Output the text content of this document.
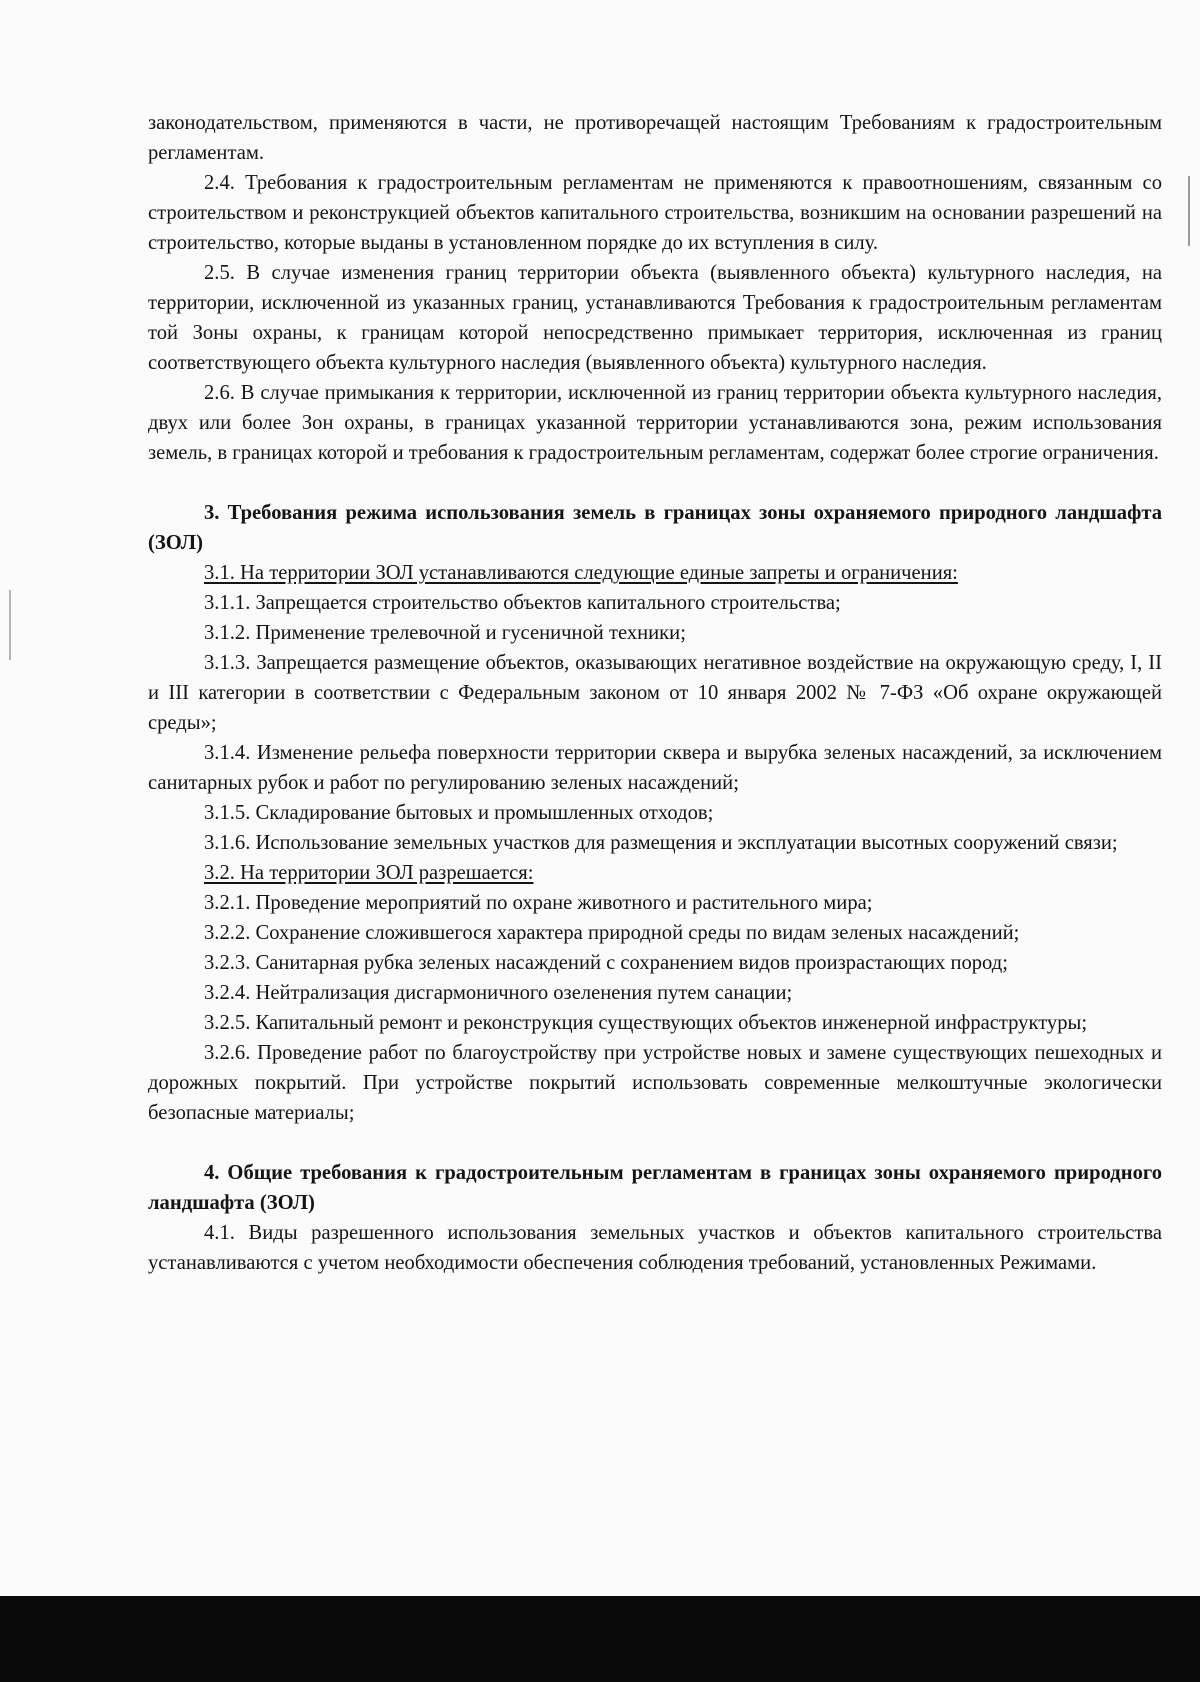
законодательством, применяются в части, не противоречащей настоящим Требованиям к градостроительным регламентам.

2.4. Требования к градостроительным регламентам не применяются к правоотношениям, связанным со строительством и реконструкцией объектов капитального строительства, возникшим на основании разрешений на строительство, которые выданы в установленном порядке до их вступления в силу.

2.5. В случае изменения границ территории объекта (выявленного объекта) культурного наследия, на территории, исключенной из указанных границ, устанавливаются Требования к градостроительным регламентам той Зоны охраны, к границам которой непосредственно примыкает территория, исключенная из границ соответствующего объекта культурного наследия (выявленного объекта) культурного наследия.

2.6. В случае примыкания к территории, исключенной из границ территории объекта культурного наследия, двух или более Зон охраны, в границах указанной территории устанавливаются зона, режим использования земель, в границах которой и требования к градостроительным регламентам, содержат более строгие ограничения.

3. Требования режима использования земель в границах зоны охраняемого природного ландшафта (ЗОЛ)

3.1. На территории ЗОЛ устанавливаются следующие единые запреты и ограничения:

3.1.1. Запрещается строительство объектов капитального строительства;

3.1.2. Применение трелевочной и гусеничной техники;

3.1.3. Запрещается размещение объектов, оказывающих негативное воздействие на окружающую среду, I, II и III категории в соответствии с Федеральным законом от 10 января 2002 № 7-ФЗ «Об охране окружающей среды»;

3.1.4. Изменение рельефа поверхности территории сквера и вырубка зеленых насаждений, за исключением санитарных рубок и работ по регулированию зеленых насаждений;

3.1.5. Складирование бытовых и промышленных отходов;

3.1.6. Использование земельных участков для размещения и эксплуатации высотных сооружений связи;

3.2. На территории ЗОЛ разрешается:

3.2.1. Проведение мероприятий по охране животного и растительного мира;

3.2.2. Сохранение сложившегося характера природной среды по видам зеленых насаждений;

3.2.3. Санитарная рубка зеленых насаждений с сохранением видов произрастающих пород;

3.2.4. Нейтрализация дисгармоничного озеленения путем санации;

3.2.5. Капитальный ремонт и реконструкция существующих объектов инженерной инфраструктуры;

3.2.6. Проведение работ по благоустройству при устройстве новых и замене существующих пешеходных и дорожных покрытий. При устройстве покрытий использовать современные мелкоштучные экологически безопасные материалы;

4. Общие требования к градостроительным регламентам в границах зоны охраняемого природного ландшафта (ЗОЛ)

4.1. Виды разрешенного использования земельных участков и объектов капитального строительства устанавливаются с учетом необходимости обеспечения соблюдения требований, установленных Режимами.
